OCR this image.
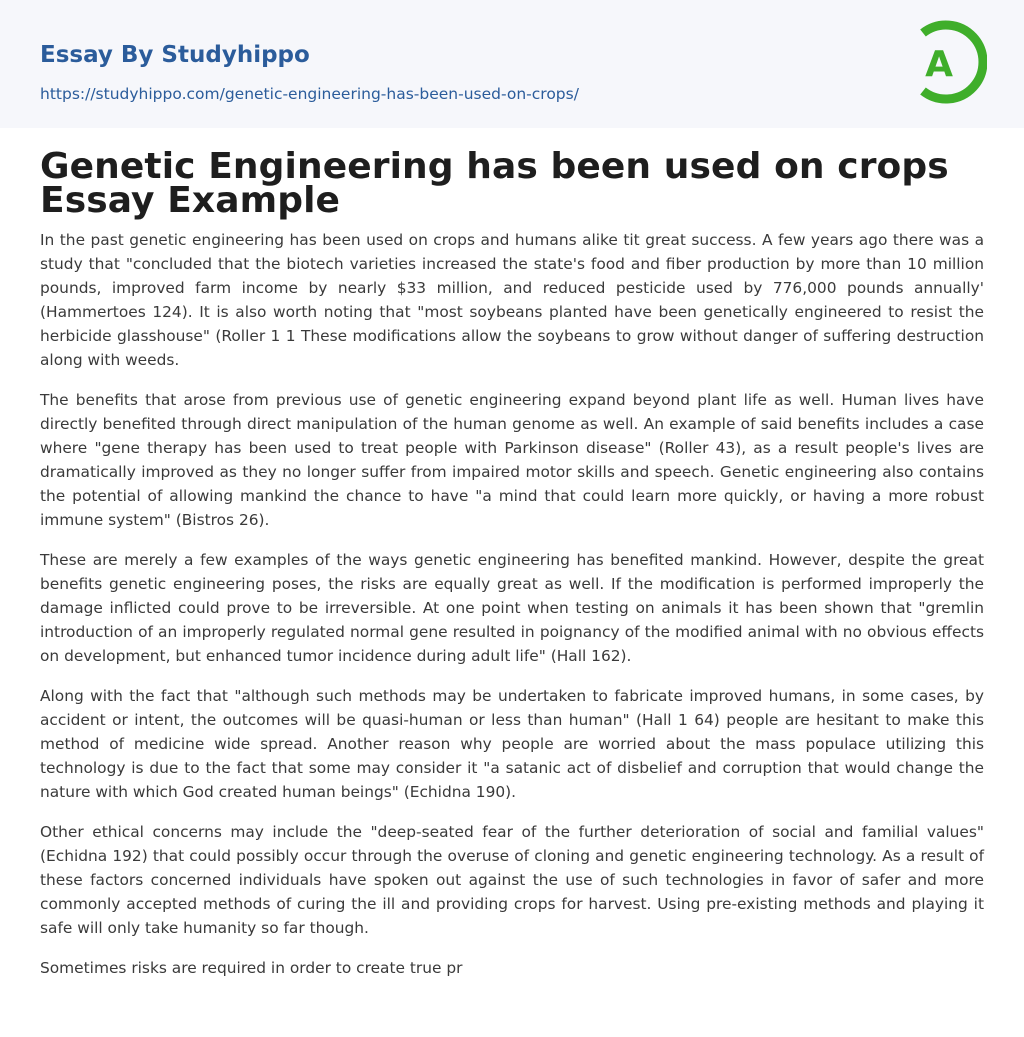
Essay By Studyhippo
https://studyhippo.com/genetic-engineering-has-been-used-on-crops/
A
Genetic Engineering has been used on crops Essay Example

In the past genetic engineering has been used on crops and humans alike tit great success. A few years ago there was a study that "concluded that the biotech varieties increased the state's food and fiber production by more than 10 million pounds, improved farm income by nearly $33 million, and reduced pesticide used by 776,000 pounds annually' (Hammertoes 124). It is also worth noting that "most soybeans planted have been genetically engineered to resist the herbicide glasshouse" (Roller 1 1 These modifications allow the soybeans to grow without danger of suffering destruction along with weeds.

The benefits that arose from previous use of genetic engineering expand beyond plant life as well. Human lives have directly benefited through direct manipulation of the human genome as well. An example of said benefits includes a case where "gene therapy has been used to treat people with Parkinson disease" (Roller 43), as a result people's lives are dramatically improved as they no longer suffer from impaired motor skills and speech. Genetic engineering also contains the potential of allowing mankind the chance to have "a mind that could learn more quickly, or having a more robust immune system" (Bistros 26).

These are merely a few examples of the ways genetic engineering has benefited mankind. However, despite the great benefits genetic engineering poses, the risks are equally great as well. If the modification is performed improperly the damage inflicted could prove to be irreversible. At one point when testing on animals it has been shown that "gremlin introduction of an improperly regulated normal gene resulted in poignancy of the modified animal with no obvious effects on development, but enhanced tumor incidence during adult life" (Hall 162).

Along with the fact that "although such methods may be undertaken to fabricate improved humans, in some cases, by accident or intent, the outcomes will be quasi-human or less than human" (Hall 1 64) people are hesitant to make this method of medicine wide spread. Another reason why people are worried about the mass populace utilizing this technology is due to the fact that some may consider it "a satanic act of disbelief and corruption that would change the nature with which God created human beings" (Echidna 190).

Other ethical concerns may include the "deep-seated fear of the further deterioration of social and familial values" (Echidna 192) that could possibly occur through the overuse of cloning and genetic engineering technology. As a result of these factors concerned individuals have spoken out against the use of such technologies in favor of safer and more commonly accepted methods of curing the ill and providing crops for harvest. Using pre-existing methods and playing it safe will only take humanity so far though.

Sometimes risks are required in order to create true pr
